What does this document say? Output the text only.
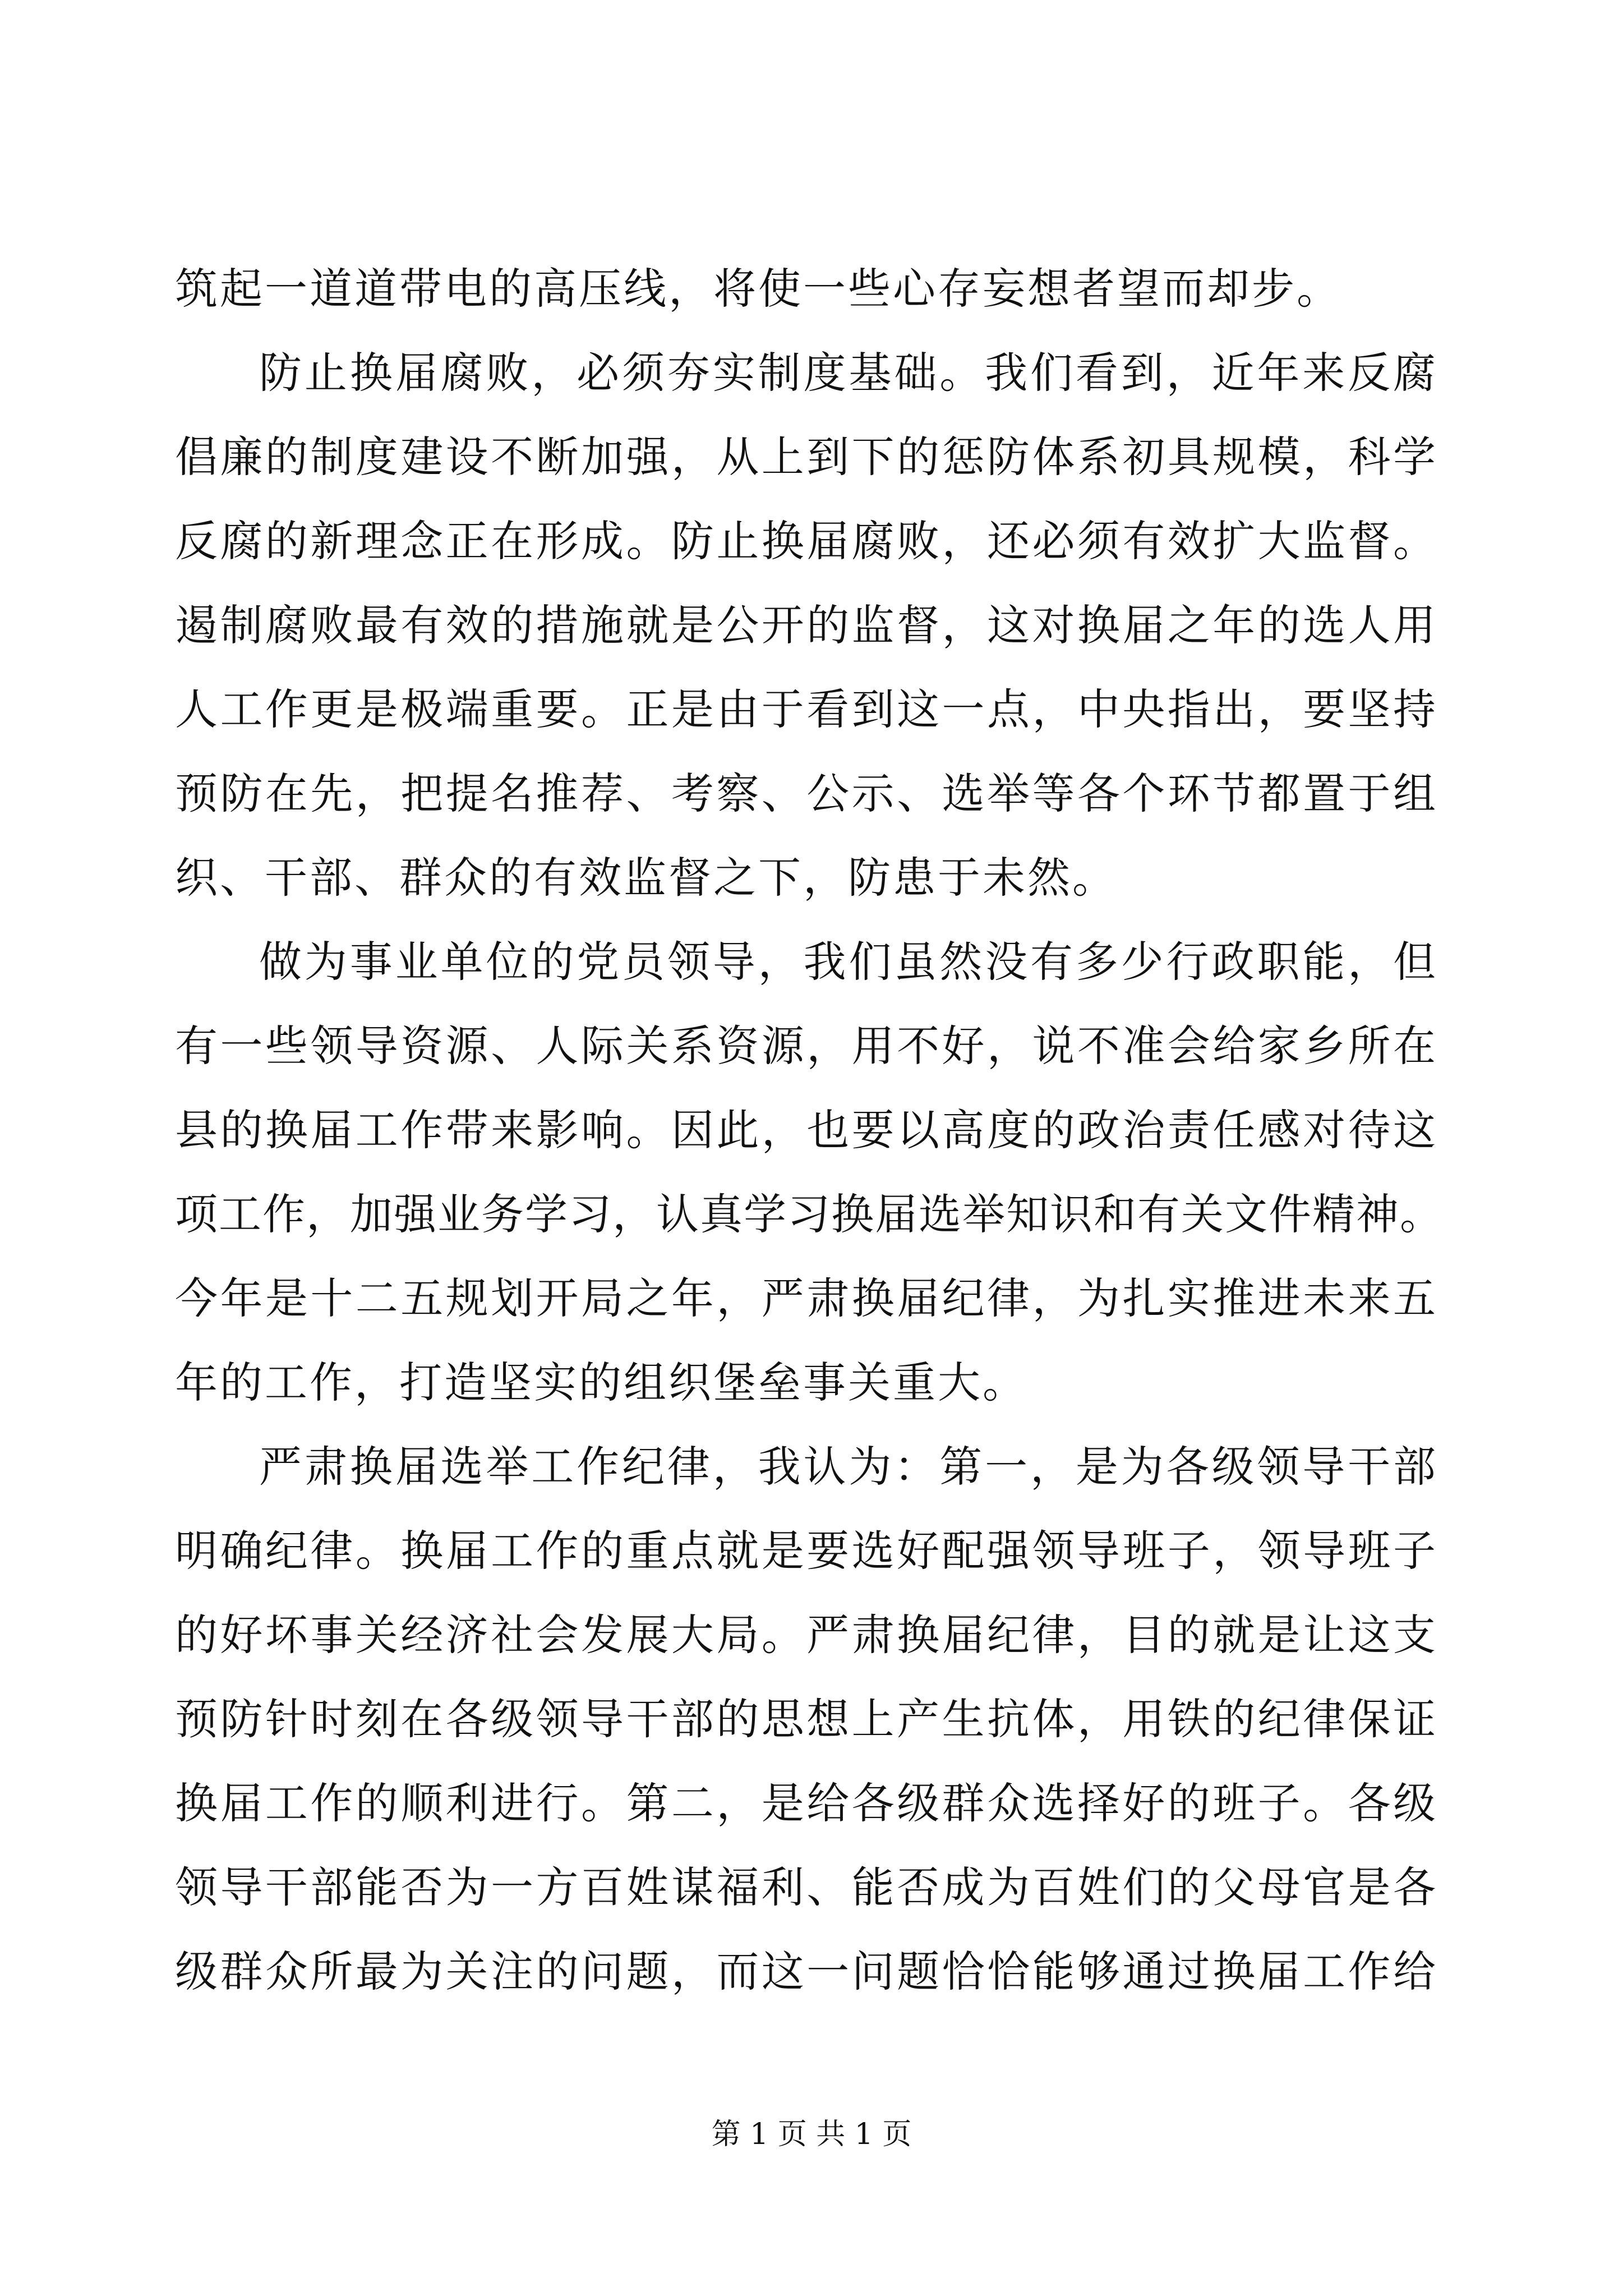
筑起一道道带电的高压线，将使一些心存妄想者望而却步。
防止换届腐败，必须夯实制度基础。我们看到，近年来反腐
倡廉的制度建设不断加强，从上到下的惩防体系初具规模，科学
反腐的新理念正在形成。防止换届腐败，还必须有效扩大监督。
遏制腐败最有效的措施就是公开的监督，这对换届之年的选人用
人工作更是极端重要。正是由于看到这一点，中央指出，要坚持
预防在先，把提名推荐、考察、公示、选举等各个环节都置于组
织、干部、群众的有效监督之下，防患于未然。
做为事业单位的党员领导，我们虽然没有多少行政职能，但
有一些领导资源、人际关系资源，用不好，说不准会给家乡所在
县的换届工作带来影响。因此，也要以高度的政治责任感对待这
项工作，加强业务学习，认真学习换届选举知识和有关文件精神。
今年是十二五规划开局之年，严肃换届纪律，为扎实推进未来五
年的工作，打造坚实的组织堡垒事关重大。
严肃换届选举工作纪律，我认为：第一，是为各级领导干部
明确纪律。换届工作的重点就是要选好配强领导班子，领导班子
的好坏事关经济社会发展大局。严肃换届纪律，目的就是让这支
预防针时刻在各级领导干部的思想上产生抗体，用铁的纪律保证
换届工作的顺利进行。第二，是给各级群众选择好的班子。各级
领导干部能否为一方百姓谋福利、能否成为百姓们的父母官是各
级群众所最为关注的问题，而这一问题恰恰能够通过换届工作给
第 1 页 共 1 页
